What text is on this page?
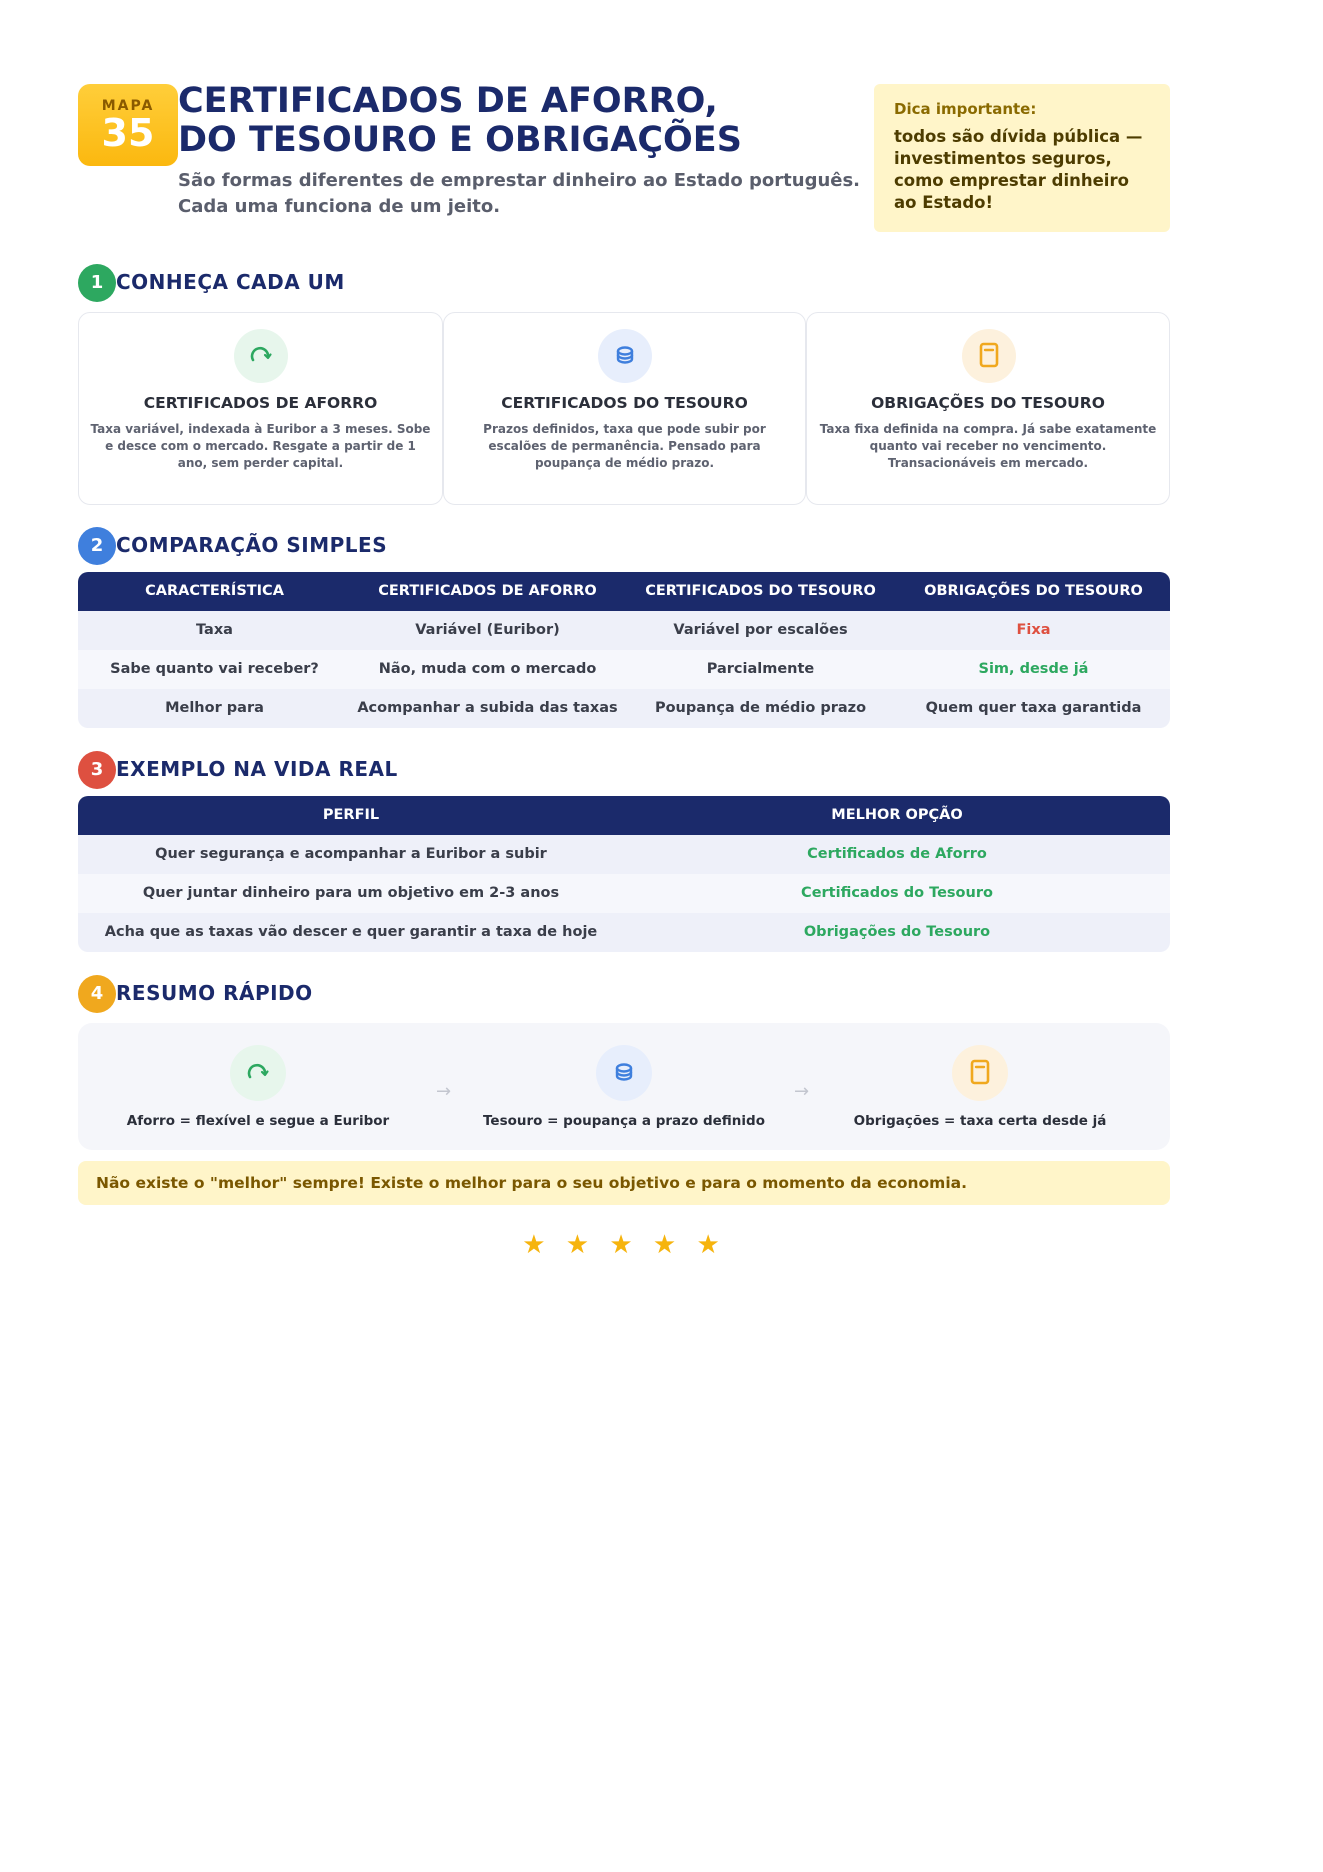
MAPA
35
CERTIFICADOS DE AFORRO,
DO TESOURO E OBRIGAÇÕES
São formas diferentes de emprestar dinheiro ao Estado português.
Cada uma funciona de um jeito.
Dica importante:
todos são dívida pública — investimentos seguros, como emprestar dinheiro ao Estado!
1 CONHEÇA CADA UM
CERTIFICADOS DE AFORRO
Taxa variável, indexada à Euribor a 3 meses. Sobe e desce com o mercado. Resgate a partir de 1 ano, sem perder capital.
CERTIFICADOS DO TESOURO
Prazos definidos, taxa que pode subir por escalões de permanência. Pensado para poupança de médio prazo.
OBRIGAÇÕES DO TESOURO
Taxa fixa definida na compra. Já sabe exatamente quanto vai receber no vencimento. Transacionáveis em mercado.
2 COMPARAÇÃO SIMPLES
CARACTERÍSTICA	CERTIFICADOS DE AFORRO	CERTIFICADOS DO TESOURO	OBRIGAÇÕES DO TESOURO
Taxa	Variável (Euribor)	Variável por escalões	Fixa
Sabe quanto vai receber?	Não, muda com o mercado	Parcialmente	Sim, desde já
Melhor para	Acompanhar a subida das taxas	Poupança de médio prazo	Quem quer taxa garantida
3 EXEMPLO NA VIDA REAL
PERFIL	MELHOR OPÇÃO
Quer segurança e acompanhar a Euribor a subir	Certificados de Aforro
Quer juntar dinheiro para um objetivo em 2-3 anos	Certificados do Tesouro
Acha que as taxas vão descer e quer garantir a taxa de hoje	Obrigações do Tesouro
4 RESUMO RÁPIDO
Aforro = flexível e segue a Euribor
→
Tesouro = poupança a prazo definido
→
Obrigações = taxa certa desde já
Não existe o "melhor" sempre! Existe o melhor para o seu objetivo e para o momento da economia.
★ ★ ★ ★ ★
